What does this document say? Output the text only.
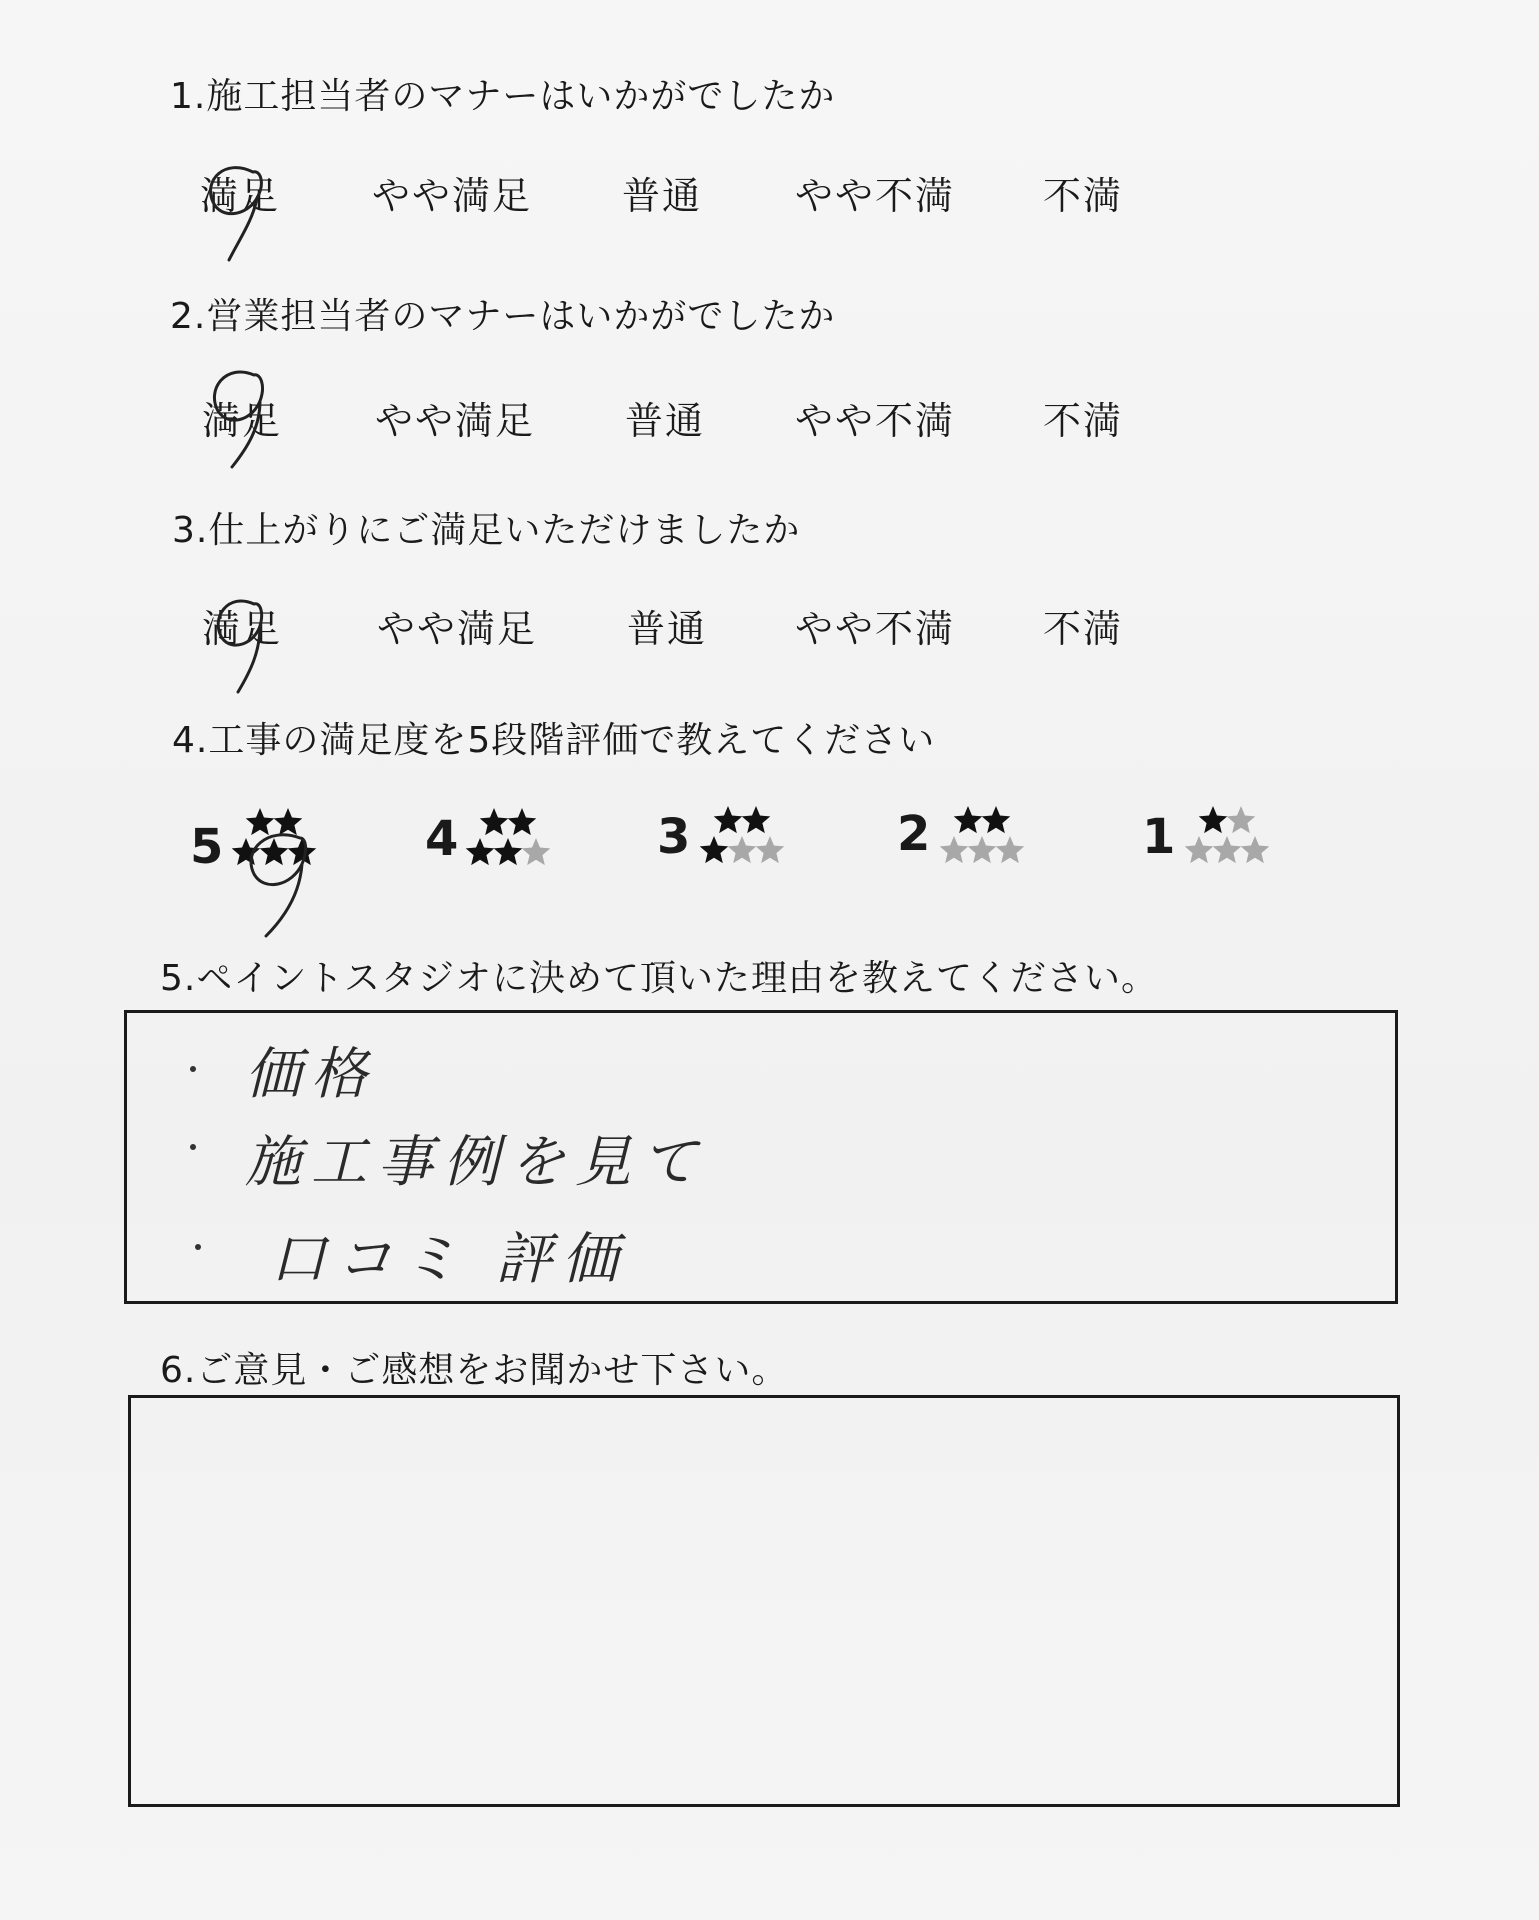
1.施工担当者のマナーはいかがでしたか
満足 やや満足 普通 やや不満 不満
2.営業担当者のマナーはいかがでしたか
満足 やや満足 普通 やや不満 不満
3.仕上がりにご満足いただけましたか
満足 やや満足 普通 やや不満 不満
4.工事の満足度を5段階評価で教えてください
5	4	3	2	1
5.ペイントスタジオに決めて頂いた理由を教えてください。
価格
施工事例を見て
口コミ 評価
6.ご意見・ご感想をお聞かせ下さい。
